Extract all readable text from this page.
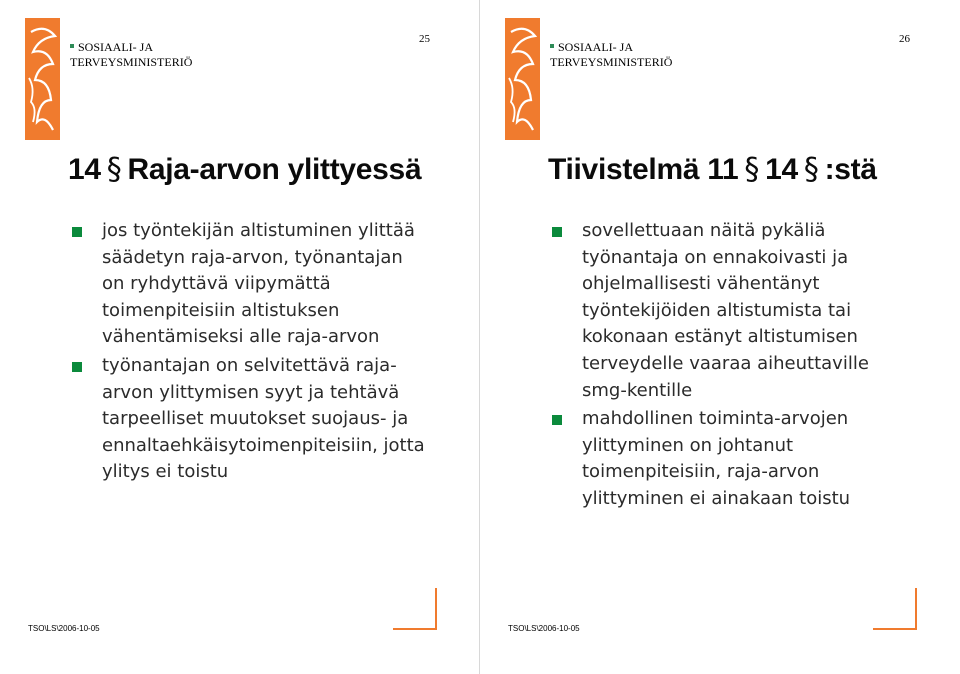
SOSIAALI- JA
TERVEYSMINISTERIÖ
25
14 § Raja-arvon ylittyessä
jos työntekijän altistuminen ylittää säädetyn raja-arvon, työnantajan on ryhdyttävä viipymättä toimenpiteisiin altistuksen vähentämiseksi alle raja-arvon
työnantajan on selvitettävä raja-arvon ylittymisen syyt ja tehtävä tarpeelliset muutokset suojaus- ja ennaltaehkäisytoimenpiteisiin, jotta ylitys ei toistu
TSO\LS\2006-10-05
SOSIAALI- JA
TERVEYSMINISTERIÖ
26
Tiivistelmä 11 § 14 § :stä
sovellettuaan näitä pykäliä työnantaja on ennakoivasti ja ohjelmallisesti vähentänyt työntekijöiden altistumista tai kokonaan estänyt altistumisen terveydelle vaaraa aiheuttaville smg-kentille
mahdollinen toiminta-arvojen ylittyminen on johtanut toimenpiteisiin, raja-arvon ylittyminen ei ainakaan toistu
TSO\LS\2006-10-05
